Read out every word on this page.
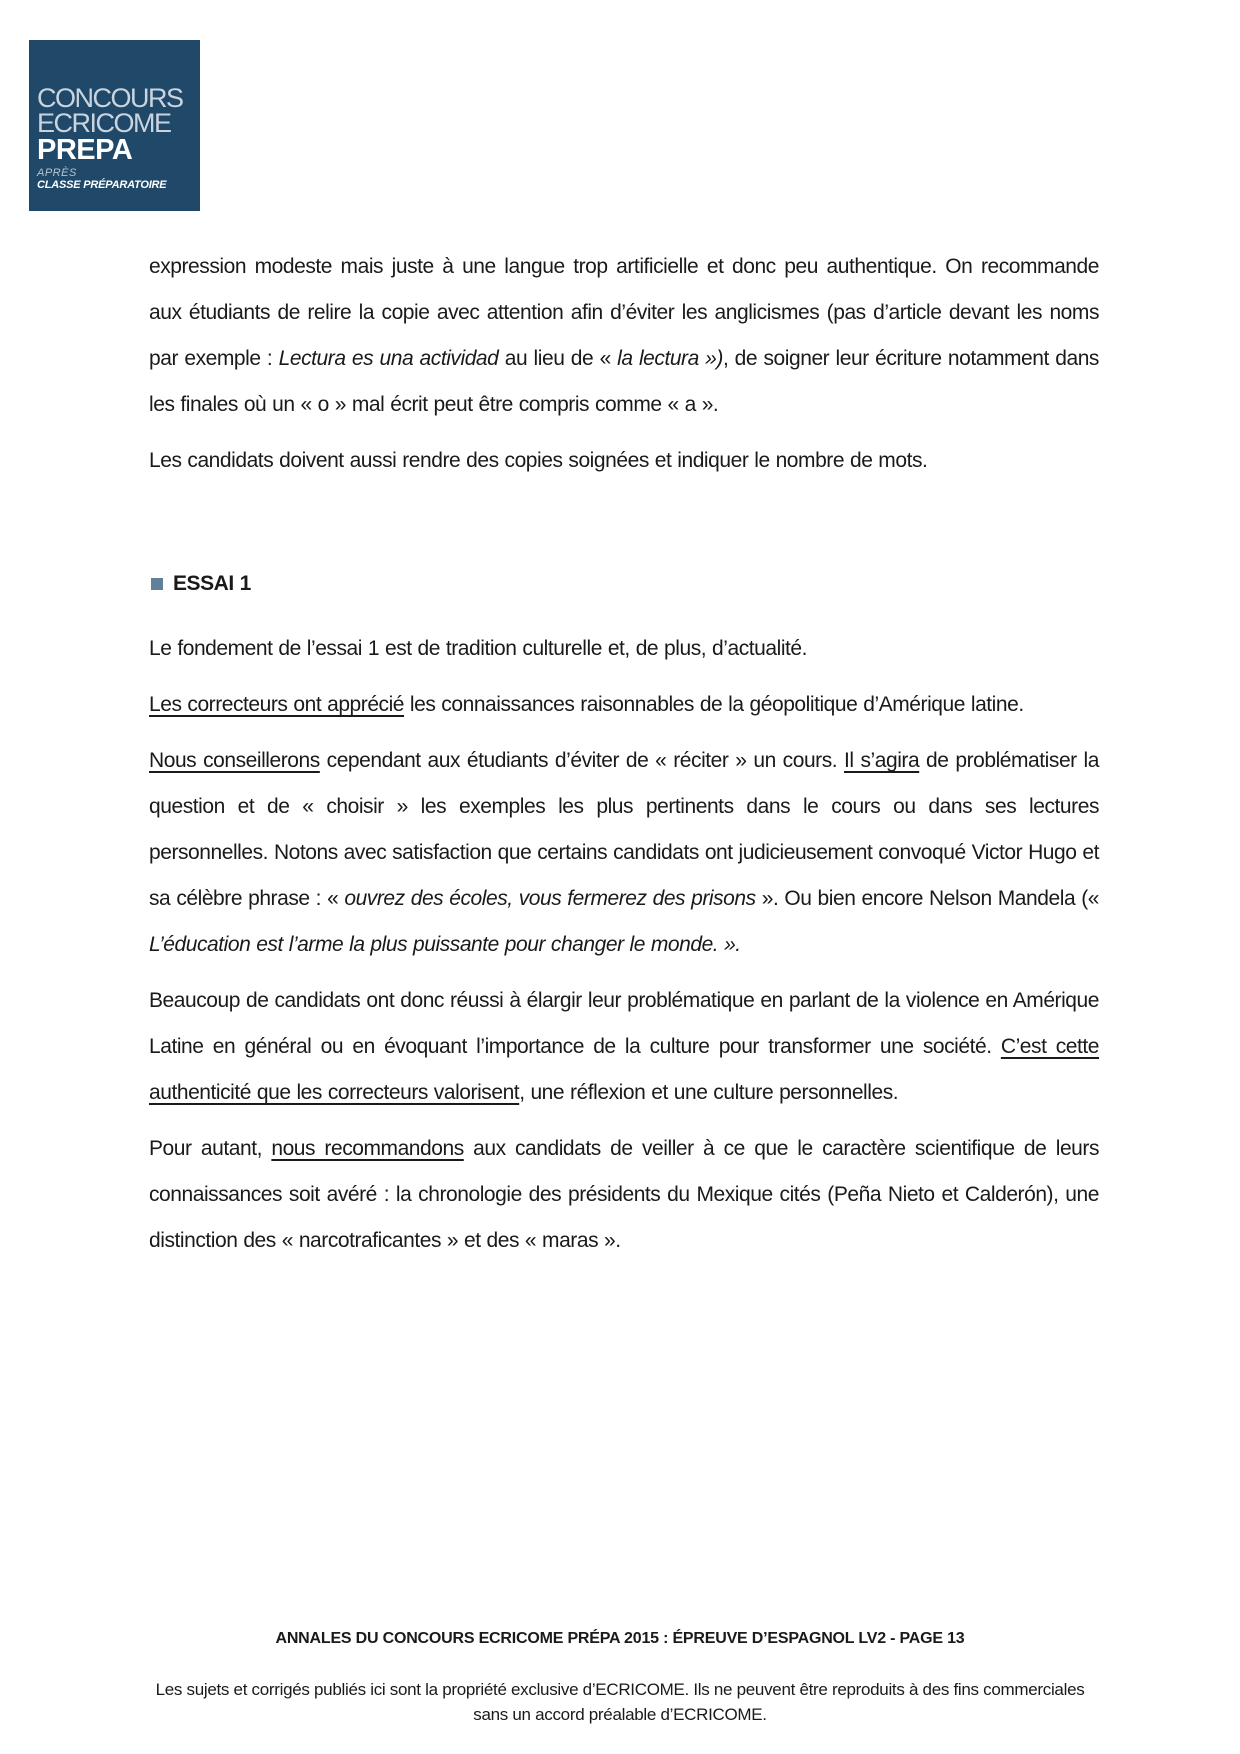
CONCOURS
ECRICOME
PREPA
APRÈS
CLASSE PRÉPARATOIRE

expression modeste mais juste à une langue trop artificielle et donc peu authentique. On recommande aux étudiants de relire la copie avec attention afin d’éviter les anglicismes (pas d’article devant les noms par exemple : Lectura es una actividad au lieu de « la lectura »), de soigner leur écriture notamment dans les finales où un « o » mal écrit peut être compris comme « a ».

Les candidats doivent aussi rendre des copies soignées et indiquer le nombre de mots.

ESSAI 1

Le fondement de l’essai 1 est de tradition culturelle et, de plus, d’actualité.

Les correcteurs ont apprécié les connaissances raisonnables de la géopolitique d’Amérique latine.

Nous conseillerons cependant aux étudiants d’éviter de « réciter » un cours. Il s’agira de problématiser la question et de « choisir » les exemples les plus pertinents dans le cours ou dans ses lectures personnelles. Notons avec satisfaction que certains candidats ont judicieusement convoqué Victor Hugo et sa célèbre phrase : « ouvrez des écoles, vous fermerez des prisons ». Ou bien encore Nelson Mandela (« L’éducation est l’arme la plus puissante pour changer le monde. ».

Beaucoup de candidats ont donc réussi à élargir leur problématique en parlant de la violence en Amérique Latine en général ou en évoquant l’importance de la culture pour transformer une société. C’est cette authenticité que les correcteurs valorisent, une réflexion et une culture personnelles.

Pour autant, nous recommandons aux candidats de veiller à ce que le caractère scientifique de leurs connaissances soit avéré : la chronologie des présidents du Mexique cités (Peña Nieto et Calderón), une distinction des « narcotraficantes » et des « maras ».

ANNALES DU CONCOURS ECRICOME PRÉPA 2015 : ÉPREUVE D’ESPAGNOL LV2 - PAGE 13
Les sujets et corrigés publiés ici sont la propriété exclusive d’ECRICOME. Ils ne peuvent être reproduits à des fins commerciales sans un accord préalable d’ECRICOME.
